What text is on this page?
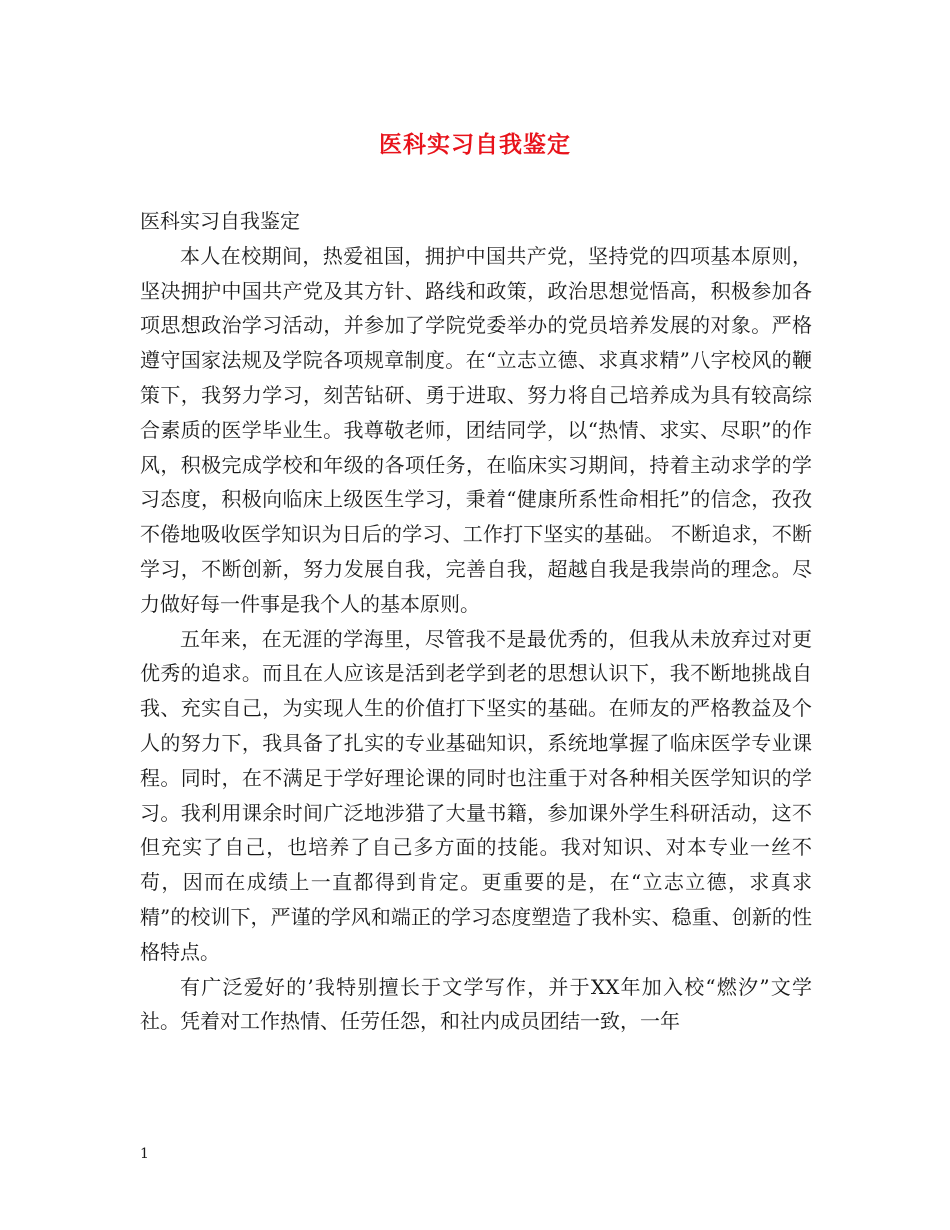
医科实习自我鉴定

医科实习自我鉴定

本人在校期间，热爱祖国，拥护中国共产党，坚持党的四项基本原则，坚决拥护中国共产党及其方针、路线和政策，政治思想觉悟高，积极参加各项思想政治学习活动，并参加了学院党委举办的党员培养发展的对象。严格遵守国家法规及学院各项规章制度。在“立志立德、求真求精”八字校风的鞭策下，我努力学习，刻苦钻研、勇于进取、努力将自己培养成为具有较高综合素质的医学毕业生。我尊敬老师，团结同学，以“热情、求实、尽职”的作风，积极完成学校和年级的各项任务，在临床实习期间，持着主动求学的学习态度，积极向临床上级医生学习，秉着“健康所系性命相托”的信念，孜孜不倦地吸收医学知识为日后的学习、工作打下坚实的基础。 不断追求，不断学习，不断创新，努力发展自我，完善自我，超越自我是我崇尚的理念。尽力做好每一件事是我个人的基本原则。

五年来，在无涯的学海里，尽管我不是最优秀的，但我从未放弃过对更优秀的追求。而且在人应该是活到老学到老的思想认识下，我不断地挑战自我、充实自己，为实现人生的价值打下坚实的基础。在师友的严格教益及个人的努力下，我具备了扎实的专业基础知识，系统地掌握了临床医学专业课程。同时，在不满足于学好理论课的同时也注重于对各种相关医学知识的学习。我利用课余时间广泛地涉猎了大量书籍，参加课外学生科研活动，这不但充实了自己，也培养了自己多方面的技能。我对知识、对本专业一丝不苟，因而在成绩上一直都得到肯定。更重要的是，在“立志立德，求真求精”的校训下，严谨的学风和端正的学习态度塑造了我朴实、稳重、创新的性格特点。

有广泛爱好的’我特别擅长于文学写作，并于XX年加入校“燃汐”文学社。凭着对工作热情、任劳任怨，和社内成员团结一致，一年

1
